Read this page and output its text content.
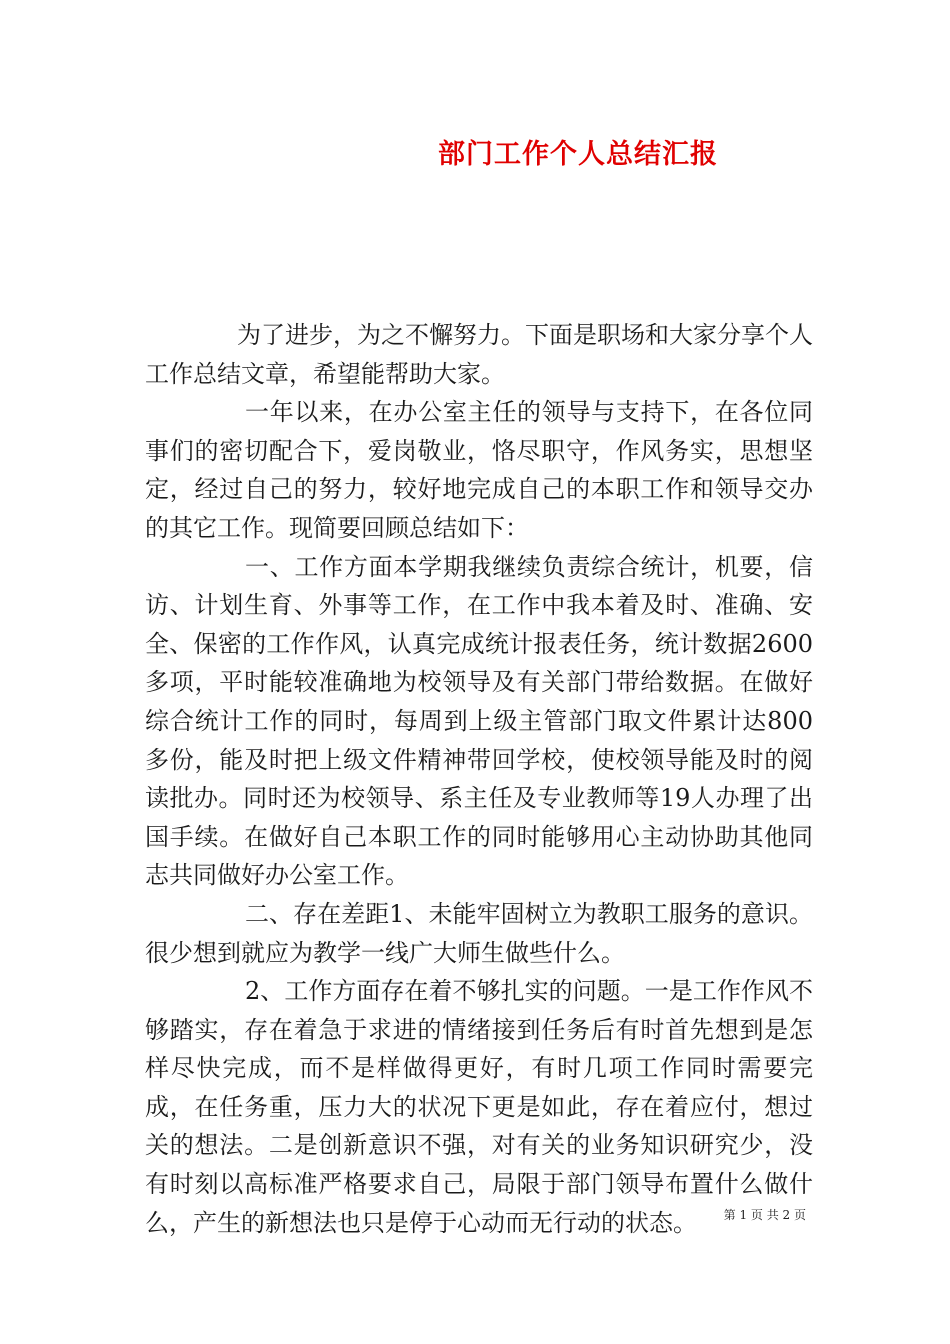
部门工作个人总结汇报

为了进步，为之不懈努力。下面是职场和大家分享个人工作总结文章，希望能帮助大家。

一年以来，在办公室主任的领导与支持下，在各位同事们的密切配合下，爱岗敬业，恪尽职守，作风务实，思想坚定，经过自己的努力，较好地完成自己的本职工作和领导交办的其它工作。现简要回顾总结如下：

一、工作方面本学期我继续负责综合统计，机要，信访、计划生育、外事等工作，在工作中我本着及时、准确、安全、保密的工作作风，认真完成统计报表任务，统计数据2600多项，平时能较准确地为校领导及有关部门带给数据。在做好综合统计工作的同时，每周到上级主管部门取文件累计达800多份，能及时把上级文件精神带回学校，使校领导能及时的阅读批办。同时还为校领导、系主任及专业教师等19人办理了出国手续。在做好自己本职工作的同时能够用心主动协助其他同志共同做好办公室工作。

二、存在差距1、未能牢固树立为教职工服务的意识。很少想到就应为教学一线广大师生做些什么。

2、工作方面存在着不够扎实的问题。一是工作作风不够踏实，存在着急于求进的情绪接到任务后有时首先想到是怎样尽快完成，而不是样做得更好，有时几项工作同时需要完成，在任务重，压力大的状况下更是如此，存在着应付，想过关的想法。二是创新意识不强，对有关的业务知识研究少，没有时刻以高标准严格要求自己，局限于部门领导布置什么做什么，产生的新想法也只是停于心动而无行动的状态。	第 1 页 共 2 页
